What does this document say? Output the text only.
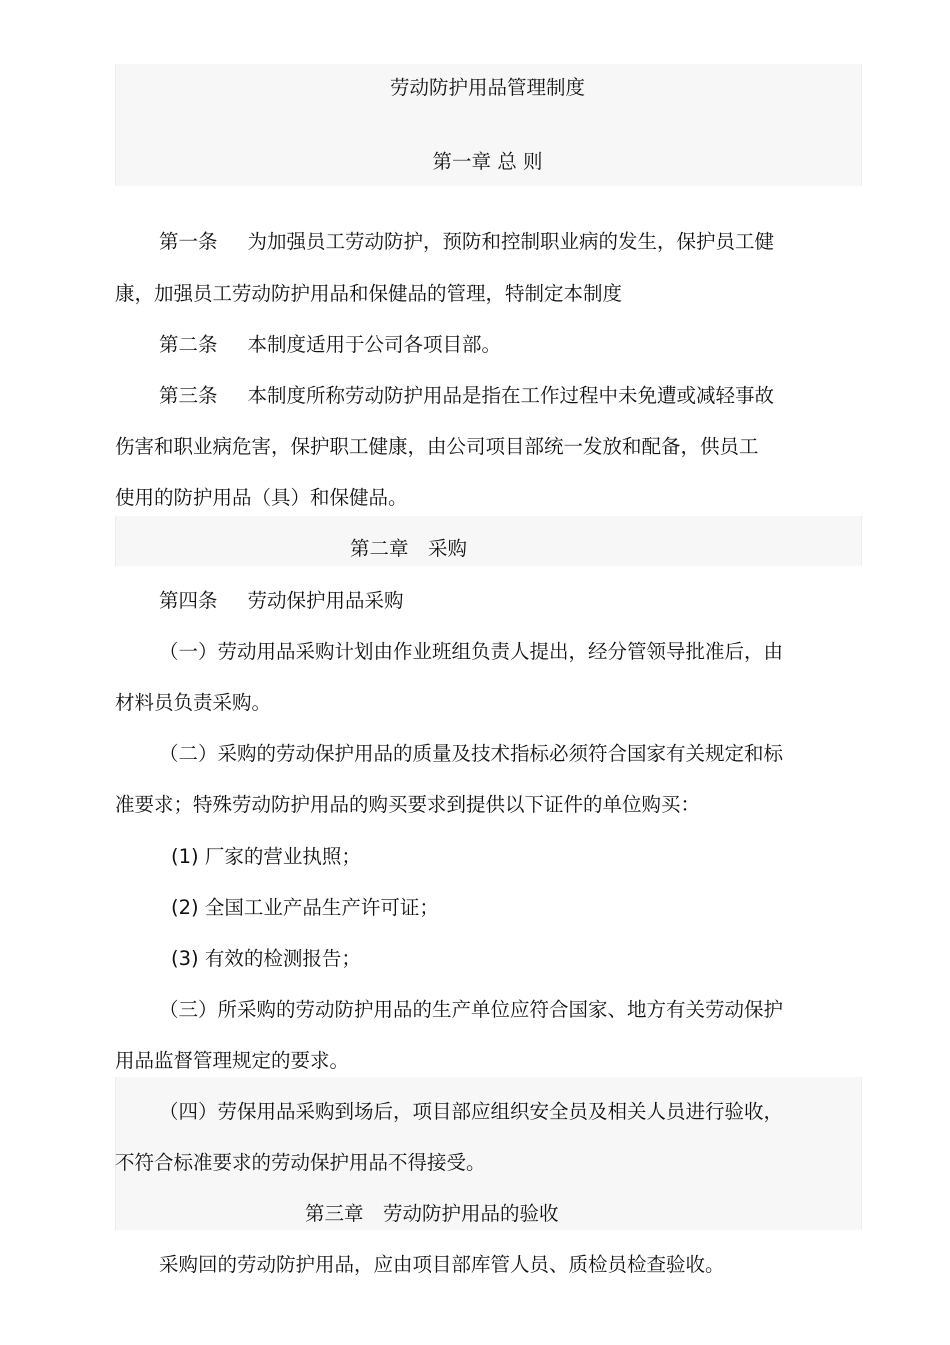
劳动防护用品管理制度
第一章 总 则
第一条 为加强员工劳动防护，预防和控制职业病的发生，保护员工健
康，加强员工劳动防护用品和保健品的管理，特制定本制度
第二条 本制度适用于公司各项目部。
第三条 本制度所称劳动防护用品是指在工作过程中未免遭或减轻事故
伤害和职业病危害，保护职工健康，由公司项目部统一发放和配备，供员工
使用的防护用品（具）和保健品。
第二章　采购
第四条 劳动保护用品采购
（一）劳动用品采购计划由作业班组负责人提出，经分管领导批准后，由
材料员负责采购。
（二）采购的劳动保护用品的质量及技术指标必须符合国家有关规定和标
准要求；特殊劳动防护用品的购买要求到提供以下证件的单位购买：
(1) 厂家的营业执照；
(2) 全国工业产品生产许可证；
(3) 有效的检测报告；
（三）所采购的劳动防护用品的生产单位应符合国家、地方有关劳动保护
用品监督管理规定的要求。
（四）劳保用品采购到场后，项目部应组织安全员及相关人员进行验收，
不符合标准要求的劳动保护用品不得接受。
第三章　劳动防护用品的验收
采购回的劳动防护用品，应由项目部库管人员、质检员检查验收。
